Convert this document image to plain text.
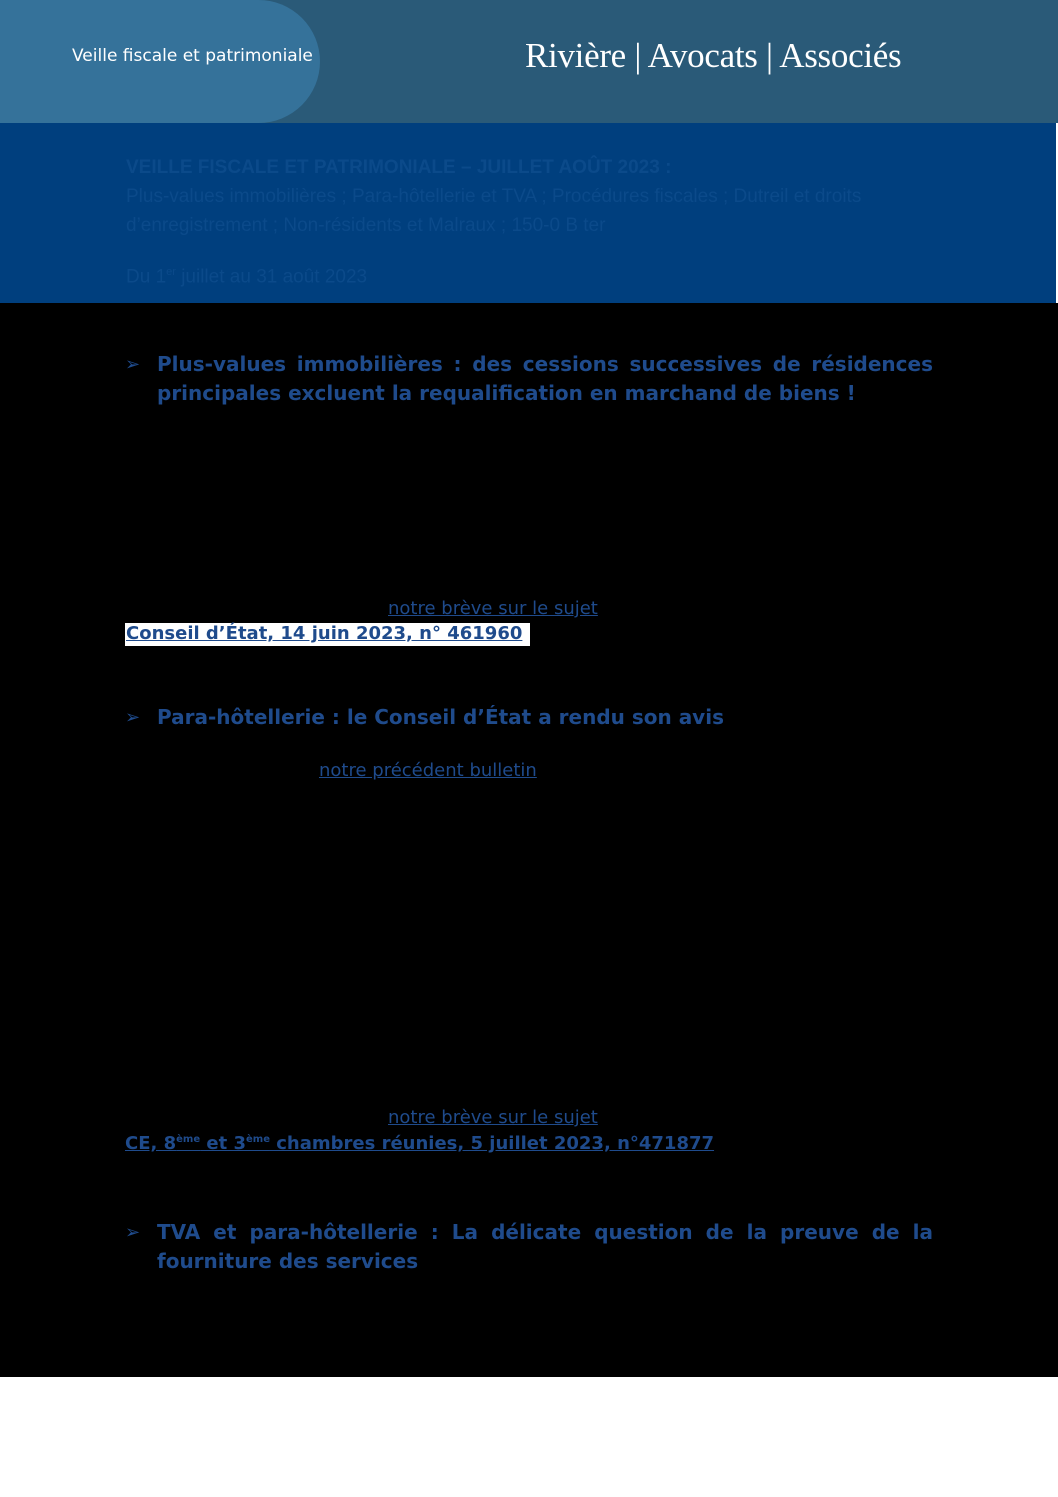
Veille fiscale et patrimoniale	Rivière | Avocats | Associés
VEILLE FISCALE ET PATRIMONIALE – JUILLET AOÛT 2023 :
Plus-values immobilières ; Para-hôtellerie et TVA ; Procédures fiscales ; Dutreil et droits d’enregistrement ; Non-résidents et Malraux ; 150-0 B ter
Du 1er juillet au 31 août 2023
➢ Plus-values immobilières : des cessions successives de résidences principales excluent la requalification en marchand de biens !
notre brève sur le sujet
Conseil d’État, 14 juin 2023, n° 461960
➢ Para-hôtellerie : le Conseil d’État a rendu son avis
notre précédent bulletin
notre brève sur le sujet
CE, 8ème et 3ème chambres réunies, 5 juillet 2023, n°471877
➢ TVA et para-hôtellerie : La délicate question de la preuve de la fourniture des services
